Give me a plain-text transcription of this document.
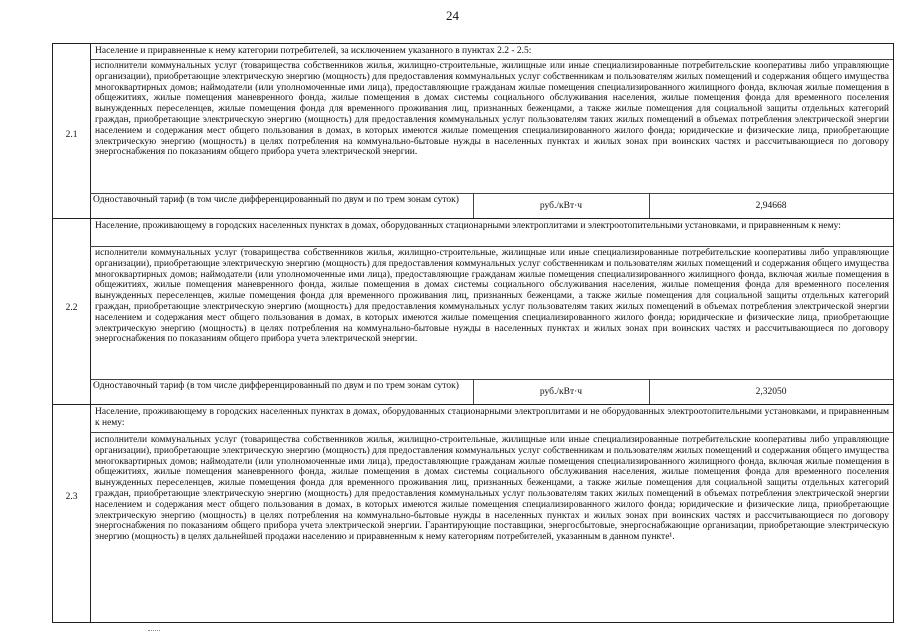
24
2.1
Население и приравненные к нему категории потребителей, за исключением указанного в пунктах 2.2 - 2.5:
исполнители коммунальных услуг (товарищества собственников жилья, жилищно-строительные, жилищные или иные специализированные потребительские кооперативы либо управляющие организации), приобретающие электрическую энергию (мощность) для предоставления коммунальных услуг собственникам и пользователям жилых помещений и содержания общего имущества многоквартирных домов; наймодатели (или уполномоченные ими лица), предоставляющие гражданам жилые помещения специализированного жилищного фонда, включая жилые помещения в общежитиях, жилые помещения маневренного фонда, жилые помещения в домах системы социального обслуживания населения, жилые помещения фонда для временного поселения вынужденных переселенцев, жилые помещения фонда для временного проживания лиц, признанных беженцами, а также жилые помещения для социальной защиты отдельных категорий граждан, приобретающие электрическую энергию (мощность) для предоставления коммунальных услуг пользователям таких жилых помещений в объемах потребления электрической энергии населением и содержания мест общего пользования в домах, в которых имеются жилые помещения специализированного жилого фонда; юридические и физические лица, приобретающие электрическую энергию (мощность) в целях потребления на коммунально-бытовые нужды в населенных пунктах и жилых зонах при воинских частях и рассчитывающиеся по договору энергоснабжения по показаниям общего прибора учета электрической энергии.
Одноставочный тариф (в том числе дифференцированный по двум и по трем зонам суток)
руб./кВт·ч	2,94668
2.2
Население, проживающему в городских населенных пунктах в домах, оборудованных стационарными электроплитами и электроотопительными установками, и приравненным к нему:
исполнители коммунальных услуг (товарищества собственников жилья, жилищно-строительные, жилищные или иные специализированные потребительские кооперативы либо управляющие организации), приобретающие электрическую энергию (мощность) для предоставления коммунальных услуг собственникам и пользователям жилых помещений и содержания общего имущества многоквартирных домов; наймодатели (или уполномоченные ими лица), предоставляющие гражданам жилые помещения специализированного жилищного фонда, включая жилые помещения в общежитиях, жилые помещения маневренного фонда, жилые помещения в домах системы социального обслуживания населения, жилые помещения фонда для временного поселения вынужденных переселенцев, жилые помещения фонда для временного проживания лиц, признанных беженцами, а также жилые помещения для социальной защиты отдельных категорий граждан, приобретающие электрическую энергию (мощность) для предоставления коммунальных услуг пользователям таких жилых помещений в объемах потребления электрической энергии населением и содержания мест общего пользования в домах, в которых имеются жилые помещения специализированного жилого фонда; юридические и физические лица, приобретающие электрическую энергию (мощность) в целях потребления на коммунально-бытовые нужды в населенных пунктах и жилых зонах при воинских частях и рассчитывающиеся по договору энергоснабжения по показаниям общего прибора учета электрической энергии.
Одноставочный тариф (в том числе дифференцированный по двум и по трем зонам суток)
руб./кВт·ч	2,32050
2.3
Население, проживающему в городских населенных пунктах в домах, оборудованных стационарными электроплитами и не оборудованных электроотопительными установками, и приравненным к нему:
исполнители коммунальных услуг (товарищества собственников жилья, жилищно-строительные, жилищные или иные специализированные потребительские кооперативы либо управляющие организации), приобретающие электрическую энергию (мощность) для предоставления коммунальных услуг собственникам и пользователям жилых помещений и содержания общего имущества многоквартирных домов; наймодатели (или уполномоченные ими лица), предоставляющие гражданам жилые помещения специализированного жилищного фонда, включая жилые помещения в общежитиях, жилые помещения маневренного фонда, жилые помещения в домах системы социального обслуживания населения, жилые помещения фонда для временного поселения вынужденных переселенцев, жилые помещения фонда для временного проживания лиц, признанных беженцами, а также жилые помещения для социальной защиты отдельных категорий граждан, приобретающие электрическую энергию (мощность) для предоставления коммунальных услуг пользователям таких жилых помещений в объемах потребления электрической энергии населением и содержания мест общего пользования в домах, в которых имеются жилые помещения специализированного жилого фонда; юридические и физические лица, приобретающие электрическую энергию (мощность) в целях потребления на коммунально-бытовые нужды в населенных пунктах и жилых зонах при воинских частях и рассчитывающиеся по договору энергоснабжения по показаниям общего прибора учета электрической энергии. Гарантирующие поставщики, энергосбытовые, энергоснабжающие организации, приобретающие электрическую энергию (мощность) в целях дальнейшей продажи населению и приравненным к нему категориям потребителей, указанным в данном пункте¹.
